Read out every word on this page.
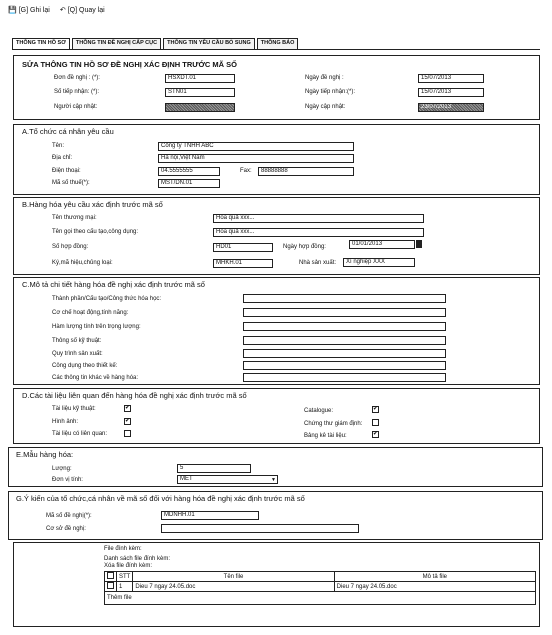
💾 [G] Ghi lại ↶ [Q] Quay lại
THÔNG TIN HỒ SƠ	THÔNG TIN ĐỀ NGHỊ CẤP CỤC	THÔNG TIN YÊU CẦU BỔ SUNG	THÔNG BÁO
SỬA THÔNG TIN HỒ SƠ ĐỀ NGHỊ XÁC ĐỊNH TRƯỚC MÃ SỐ
Đơn đề nghị : (*):	HSXDT.01	Ngày đề nghị :	15/07/2013
Số tiếp nhận: (*):	STN01	Ngày tiếp nhận:(*):	15/07/2013
Người cập nhật:	Ngày cập nhật:	23/07/2013
A.Tổ chức cá nhân yêu cầu
Tên:	Công ty TNHH ABC
Địa chỉ:	Hà nội,Việt Nam
Điện thoại:	04.5555555	Fax:	88888888
Mã số thuế(*):	MST/DN.01
B.Hàng hóa yêu cầu xác định trước mã số
Tên thương mại:	Hoa quả xxx...
Tên gọi theo cấu tạo,công dụng:	Hoa quả xxx...
Số hợp đồng:	HD01	Ngày hợp đồng:	01/01/2013
Ký,mã hiệu,chủng loại:	MHKH.01	Nhà sản xuất:	Xí nghiệp XXX
C.Mô tả chi tiết hàng hóa đề nghị xác định trước mã số
Thành phần/Cấu tạo/Công thức hóa học:
Cơ chế hoạt động,tính năng:
Hàm lượng tính trên trọng lượng:
Thông số kỹ thuật:
Quy trình sản xuất:
Công dụng theo thiết kế:
Các thông tin khác về hàng hóa:
D.Các tài liệu liên quan đến hàng hóa đề nghị xác định trước mã số
Tài liệu kỹ thuật:
✔
Hình ảnh:
✔
Tài liệu có liên quan:
Catalogue:
✔
Chứng thư giám định:
Bảng kê tài liệu:
✔
E.Mẫu hàng hóa:
Lượng:	5
Đơn vị tính:	MET	▼
G.Ý kiến của tổ chức,cá nhân về mã số đối với hàng hóa đề nghị xác định trước mã số
Mã số đề nghị(*):	MDNHH.01
Cơ sở đề nghị:
File đính kèm:
Danh sách file đính kèm:
Xóa file đính kèm:
	STT	Tên file	Mô tả file
	1	Dieu 7 ngay 24.05.doc	Dieu 7 ngay 24.05.doc
Thêm file			
